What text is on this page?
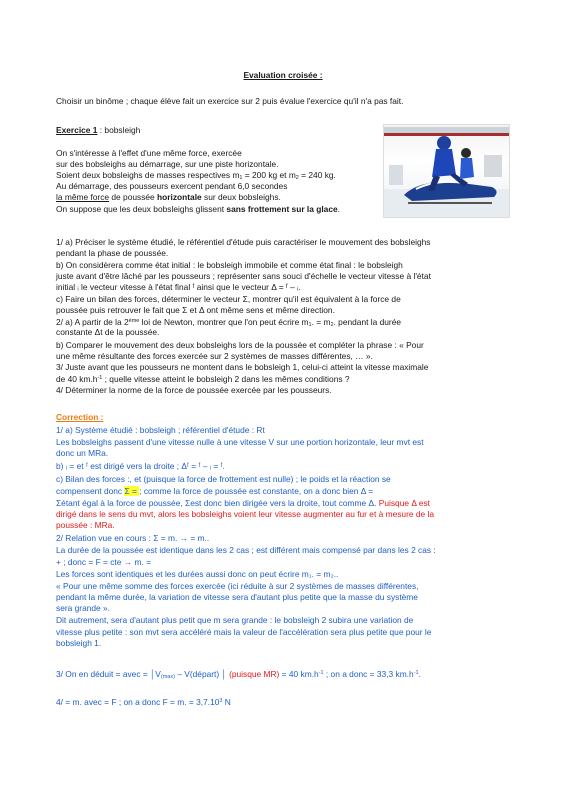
Evaluation croisée :
Choisir un binôme ; chaque élève fait un exercice sur 2 puis évalue l'exercice qu'il n'a pas fait.
Exercice 1 : bobsleigh
On s'intéresse à l'effet d'une même force, exercée
sur des bobsleighs au démarrage, sur une piste horizontale.
Soient deux bobsleighs de masses respectives m1 = 200 kg et m2 = 240 kg.
Au démarrage, des pousseurs exercent pendant 6,0 secondes
la même force de poussée horizontale sur deux bobsleighs.
On suppose que les deux bobsleighs glissent sans frottement sur la glace.
1/ a) Préciser le système étudié, le référentiel d'étude puis caractériser le mouvement des bobsleighs
pendant la phase de poussée.
b) On considèrera comme état initial : le bobsleigh immobile et comme état final : le bobsleigh
juste avant d'être lâché par les pousseurs ; représenter sans souci d'échelle le vecteur vitesse à l'état
initial ᵢ le vecteur vitesse à l'état final ᶠ ainsi que le vecteur Δ = ᶠ – ᵢ.
c) Faire un bilan des forces, déterminer le vecteur Σ, montrer qu'il est équivalent à la force de
poussée puis retrouver le fait que Σ et Δ ont même sens et même direction.
2/ a) A partir de la 2ème loi de Newton, montrer que l'on peut écrire m1. = m2. pendant la durée
constante Δt de la poussée.
b) Comparer le mouvement des deux bobsleighs lors de la poussée et compléter la phrase : « Pour
une même résultante des forces exercée sur 2 systèmes de masses différentes, … ».
3/ Juste avant que les pousseurs ne montent dans le bobsleigh 1, celui-ci atteint la vitesse maximale
de 40 $km.h^{-1}$ ; quelle vitesse atteint le bobsleigh 2 dans les mêmes conditions ?
4/ Déterminer la norme de la force de poussée exercée par les pousseurs.
Correction :
1/ a) Système étudié : bobsleigh ; référentiel d'étude : Rt
Les bobsleighs passent d'une vitesse nulle à une vitesse V sur une portion horizontale, leur mvt est
donc un MRa.
b) ᵢ = et ᶠ est dirigé vers la droite ; Δᶠ = ᶠ – ᵢ = ᶠ.
c) Bilan des forces :, et (puisque la force de frottement est nulle) ; le poids et la réaction se
compensent donc Σ = ; comme la force de poussée est constante, on a donc bien Δ =
Σétant égal à la force de poussée, Σest donc bien dirigée vers la droite, tout comme Δ. Puisque Δ est
dirigé dans le sens du mvt, alors les bobsleighs voient leur vitesse augmenter au fur et à mesure de la
poussée : MRa.
2/ Relation vue en cours : Σ = m. → = m..
La durée de la poussée est identique dans les 2 cas ; est différent mais compensé par dans les 2 cas :
+ ; donc = F = cte → m. =
Les forces sont identiques et les durées aussi donc on peut écrire m₁. = m₂..
« Pour une même somme des forces exercée (ici réduite à sur 2 systèmes de masses différentes,
pendant la même durée, la variation de vitesse sera d'autant plus petite que la masse du système
sera grande ».
Dit autrement, sera d'autant plus petit que m sera grande : le bobsleigh 2 subira une variation de
vitesse plus petite : son mvt sera accéléré mais la valeur de l'accélération sera plus petite que pour le
bobsleigh 1.
3/ On en déduit = avec = │V(max) – V(départ) │ (puisque MR) = 40 $km.h^{-1}$ ; on a donc = 33,3 $km.h^{-1}$.
4/ = m. avec = F ; on a donc F = m. = $3,7.10^3$ N
